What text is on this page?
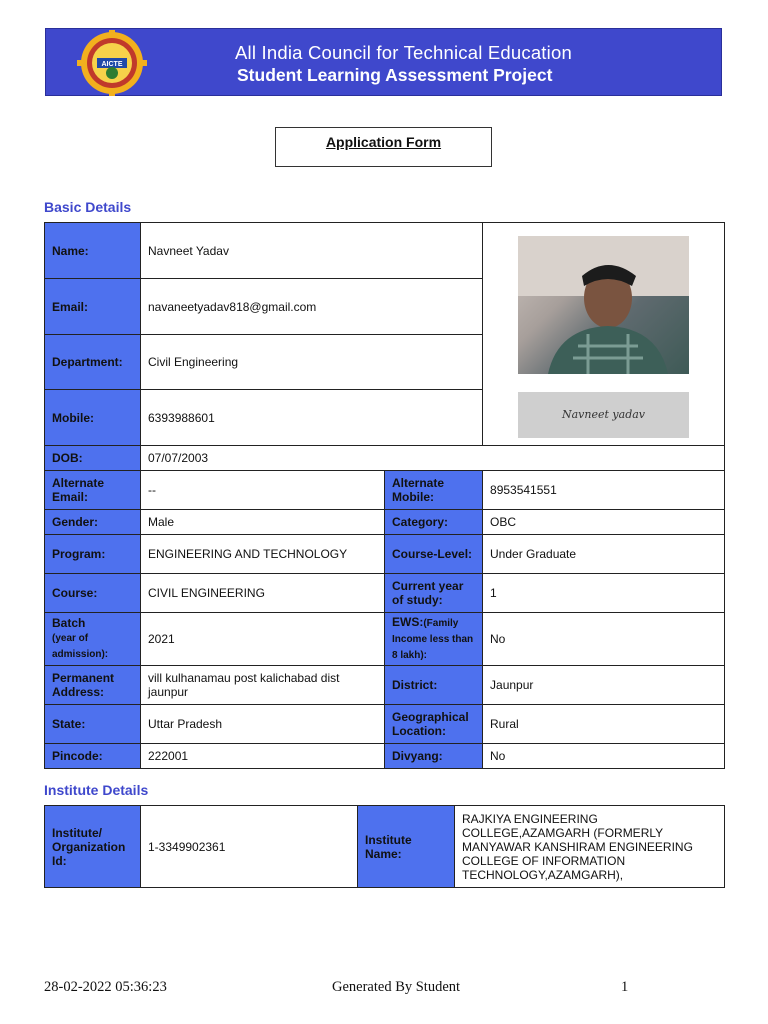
AICTE
All India Council for Technical Education
Student Learning Assessment Project
Application Form
Basic Details
Name:	Navneet Yadav		Navneet yadav

Email:	navaneetyadav818@gmail.com		
Department:	Civil Engineering		
Mobile:	6393988601		
DOB:	07/07/2003		
Alternate Email:	--	Alternate Mobile:	8953541551
Gender:	Male	Category:	OBC
Program:	ENGINEERING AND TECHNOLOGY	Course-Level:	Under Graduate
Course:	CIVIL ENGINEERING	Current year of study:	1
Batch
(year of admission):	2021	EWS:(Family Income less than 8 lakh):	No
Permanent Address:	vill kulhanamau post kalichabad dist jaunpur	District:	Jaunpur
State:	Uttar Pradesh	Geographical Location:	Rural
Pincode:	222001	Divyang:	No
Institute Details
Institute/ Organization Id:	1-3349902361	Institute Name:	RAJKIYA ENGINEERING COLLEGE,AZAMGARH (FORMERLY MANYAWAR KANSHIRAM ENGINEERING COLLEGE OF INFORMATION TECHNOLOGY,AZAMGARH),
28-02-2022 05:36:23	Generated By Student	1
